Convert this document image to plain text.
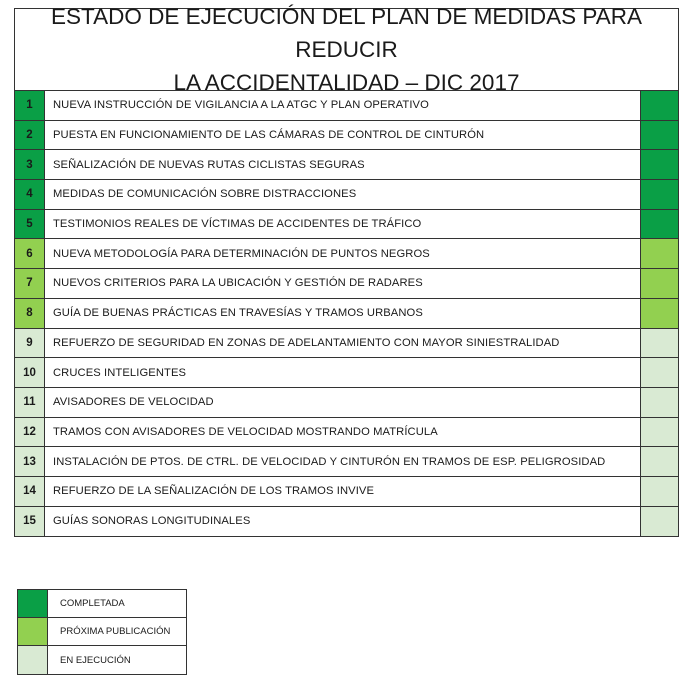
ESTADO DE EJECUCIÓN DEL PLAN DE MEDIDAS PARA REDUCIR
LA ACCIDENTALIDAD – DIC 2017
1	NUEVA INSTRUCCIÓN DE VIGILANCIA A LA ATGC Y PLAN OPERATIVO
2	PUESTA EN FUNCIONAMIENTO DE LAS CÁMARAS DE CONTROL DE CINTURÓN
3	SEÑALIZACIÓN DE NUEVAS RUTAS CICLISTAS SEGURAS
4	MEDIDAS DE COMUNICACIÓN SOBRE DISTRACCIONES
5	TESTIMONIOS REALES DE VÍCTIMAS DE ACCIDENTES DE TRÁFICO
6	NUEVA METODOLOGÍA PARA DETERMINACIÓN DE PUNTOS NEGROS
7	NUEVOS CRITERIOS PARA LA UBICACIÓN Y GESTIÓN DE RADARES
8	GUÍA DE BUENAS PRÁCTICAS EN TRAVESÍAS Y TRAMOS URBANOS
9	REFUERZO DE SEGURIDAD EN ZONAS DE ADELANTAMIENTO CON MAYOR SINIESTRALIDAD
10	CRUCES INTELIGENTES
11	AVISADORES DE VELOCIDAD
12	TRAMOS CON AVISADORES DE VELOCIDAD MOSTRANDO MATRÍCULA
13	INSTALACIÓN DE PTOS. DE CTRL. DE VELOCIDAD Y CINTURÓN EN TRAMOS DE ESP. PELIGROSIDAD
14	REFUERZO DE LA SEÑALIZACIÓN DE LOS TRAMOS INVIVE
15	GUÍAS SONORAS LONGITUDINALES
COMPLETADA
PRÓXIMA PUBLICACIÓN
EN EJECUCIÓN
